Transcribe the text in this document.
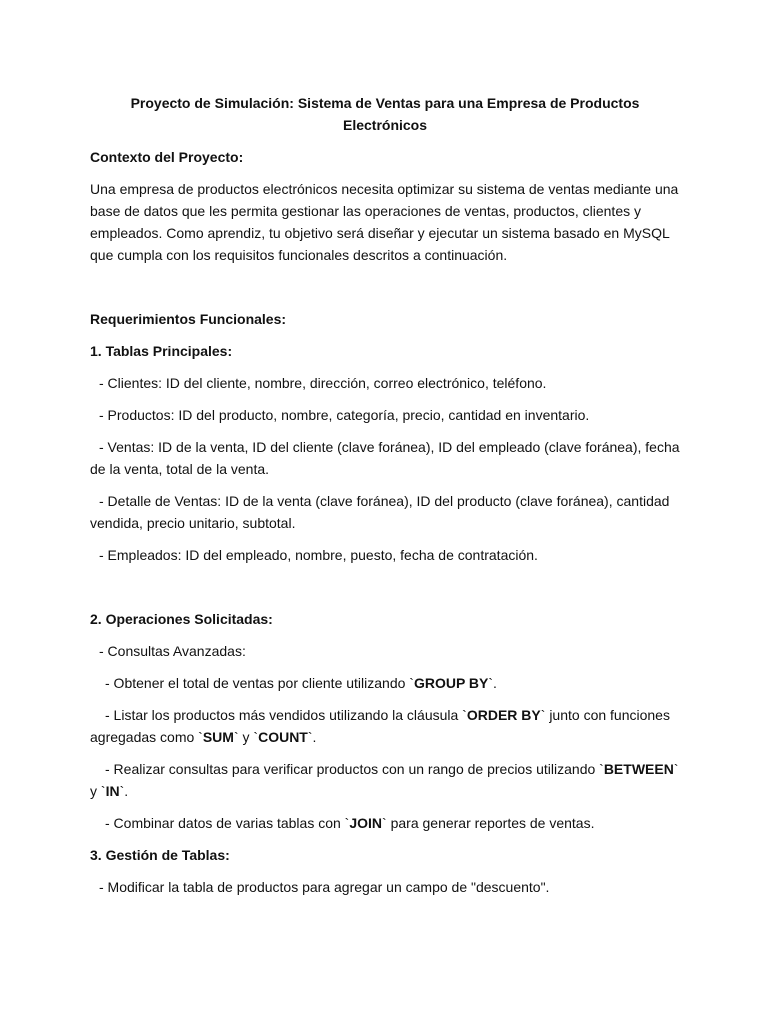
Proyecto de Simulación: Sistema de Ventas para una Empresa de Productos Electrónicos

Contexto del Proyecto:

Una empresa de productos electrónicos necesita optimizar su sistema de ventas mediante una base de datos que les permita gestionar las operaciones de ventas, productos, clientes y empleados. Como aprendiz, tu objetivo será diseñar y ejecutar un sistema basado en MySQL que cumpla con los requisitos funcionales descritos a continuación.

Requerimientos Funcionales:

1. Tablas Principales:

- Clientes: ID del cliente, nombre, dirección, correo electrónico, teléfono.

- Productos: ID del producto, nombre, categoría, precio, cantidad en inventario.

- Ventas: ID de la venta, ID del cliente (clave foránea), ID del empleado (clave foránea), fecha de la venta, total de la venta.

- Detalle de Ventas: ID de la venta (clave foránea), ID del producto (clave foránea), cantidad vendida, precio unitario, subtotal.

- Empleados: ID del empleado, nombre, puesto, fecha de contratación.

2. Operaciones Solicitadas:

- Consultas Avanzadas:

- Obtener el total de ventas por cliente utilizando `GROUP BY`.

- Listar los productos más vendidos utilizando la cláusula `ORDER BY` junto con funciones agregadas como `SUM` y `COUNT`.

- Realizar consultas para verificar productos con un rango de precios utilizando `BETWEEN` y `IN`.

- Combinar datos de varias tablas con `JOIN` para generar reportes de ventas.

3. Gestión de Tablas:

- Modificar la tabla de productos para agregar un campo de "descuento".
